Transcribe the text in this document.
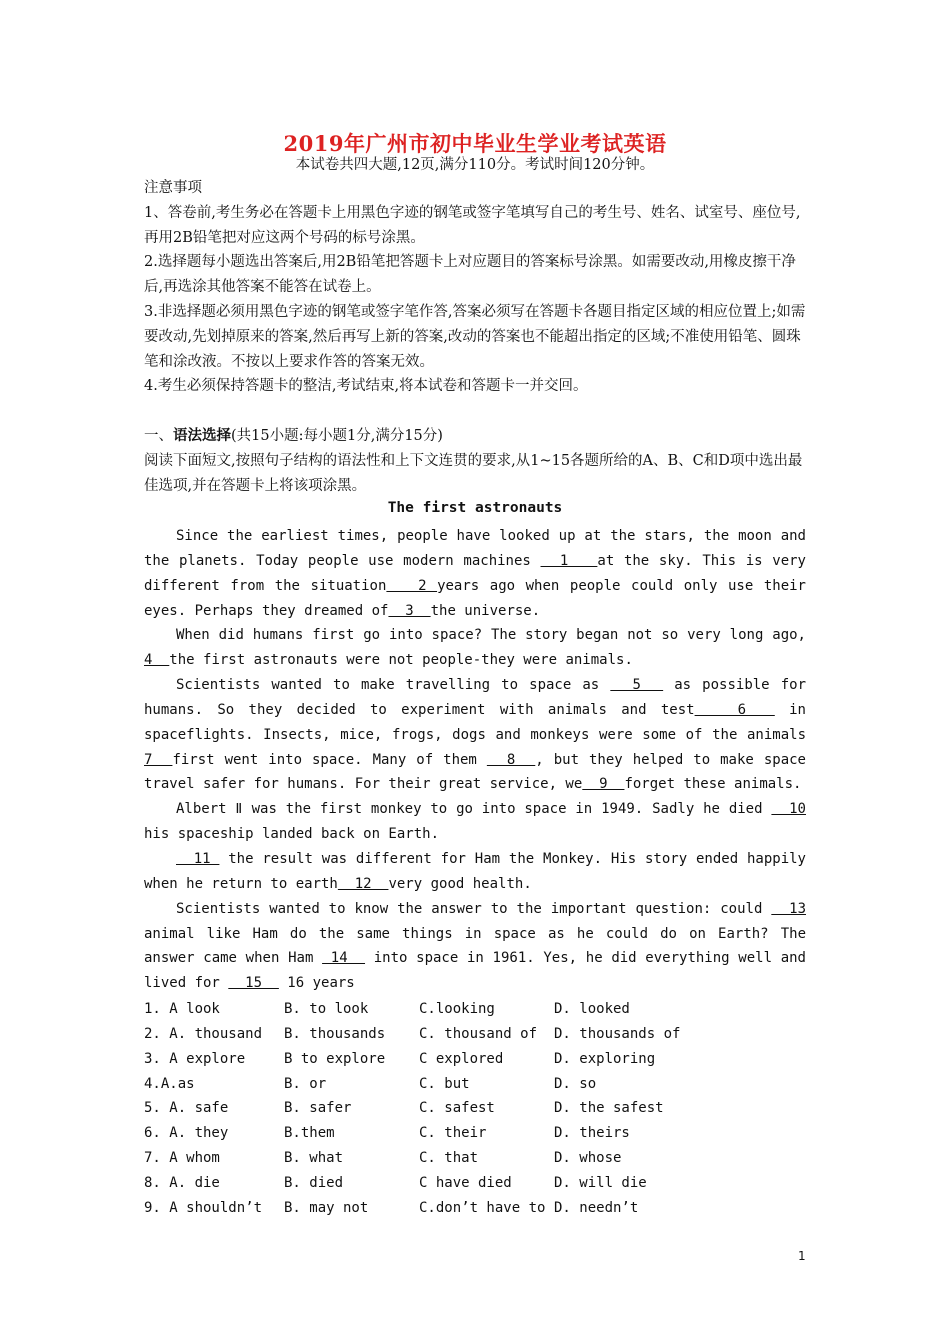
2019年广州市初中毕业生学业考试英语
本试卷共四大题,12页,满分110分。考试时间120分钟。

注意事项

1、答卷前,考生务必在答题卡上用黑色字迹的钢笔或签字笔填写自己的考生号、姓名、试室号、座位号,再用2B铅笔把对应这两个号码的标号涂黑。

2.选择题每小题选出答案后,用2B铅笔把答题卡上对应题目的答案标号涂黑。如需要改动,用橡皮擦干净后,再选涂其他答案不能答在试卷上。

3.非选择题必须用黑色字迹的钢笔或签字笔作答,答案必须写在答题卡各题目指定区域的相应位置上;如需要改动,先划掉原来的答案,然后再写上新的答案,改动的答案也不能超出指定的区域;不准使用铅笔、圆珠笔和涂改液。不按以上要求作答的答案无效。

4.考生必须保持答题卡的整洁,考试结束,将本试卷和答题卡一并交回。

一、语法选择(共15小题:每小题1分,满分15分)

阅读下面短文,按照句子结构的语法性和上下文连贯的要求,从1~15各题所给的A、B、C和D项中选出最佳选项,并在答题卡上将该项涂黑。

The first astronauts

Since the earliest times, people have looked up at the stars, the moon and the planets. Today people use modern machines   1   at the sky. This is very different from the situation   2 years ago when people could only use their eyes. Perhaps they dreamed of  3  the universe.

When did humans first go into space? The story began not so very long ago, 4  the first astronauts were not people-they were animals.

Scientists wanted to make travelling to space as   5   as possible for humans. So they decided to experiment with animals and test   6   in spaceflights. Insects, mice, frogs, dogs and monkeys were some of the animals 7  first went into space. Many of them   8  , but they helped to make space travel safer for humans. For their great service, we  9  forget these animals.

Albert Ⅱ was the first monkey to go into space in 1949. Sadly he died   10 his spaceship landed back on Earth.

11  the result was different for Ham the Monkey. His story ended happily when he return to earth  12  very good health.

Scientists wanted to know the answer to the important question: could   13 animal like Ham do the same things in space as he could do on Earth? The answer came when Ham  14   into space in 1961. Yes, he did everything well and lived for   15   16 years

1. A look	B. to look	C.looking	D. looked
2. A. thousand	B. thousands	C. thousand of	D. thousands of
3. A explore	B to explore	C explored	D. exploring
4.A.as	B. or	C. but	D. so
5. A. safe	B. safer	C. safest	D. the safest
6. A. they	B.them	C. their	D. theirs
7. A whom	B. what	C. that	D. whose
8. A. die	B. died	C have died	D. will die
9. A shouldn’t	B. may not	C.don’t have to D. needn’t
1
